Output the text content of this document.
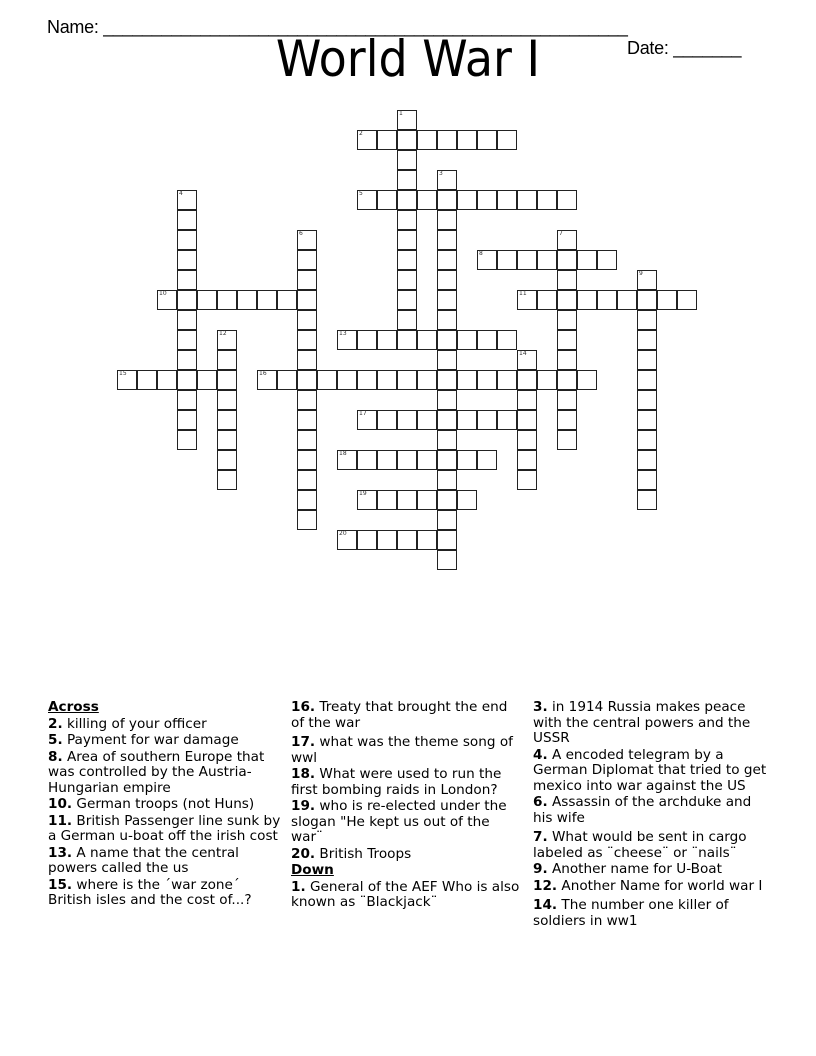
Name: ______________________________________________________

Date: _______

World War I
1
2
3
4	5
6	7
8
9
10	11
12	13
14
15	16
17
18
19
20
Across
2. killing of your officer
5. Payment for war damage
8. Area of southern Europe that was controlled by the Austria-Hungarian empire
10. German troops (not Huns)
11. British Passenger line sunk by a German u-boat off the irish cost
13. A name that the central powers called the us
15. where is the ´war zone´ British isles and the cost of...?
16. Treaty that brought the end of the war
17. what was the theme song of wwl
18. What were used to run the first bombing raids in London?
19. who is re-elected under the slogan "He kept us out of the war¨
20. British Troops
Down
1. General of the AEF Who is also known as ¨Blackjack¨
3. in 1914 Russia makes peace with the central powers and the USSR
4. A encoded telegram by a German Diplomat that tried to get mexico into war against the US
6. Assassin of the archduke and his wife
7. What would be sent in cargo labeled as ¨cheese¨ or ¨nails¨
9. Another name for U-Boat
12. Another Name for world war I
14. The number one killer of soldiers in ww1
